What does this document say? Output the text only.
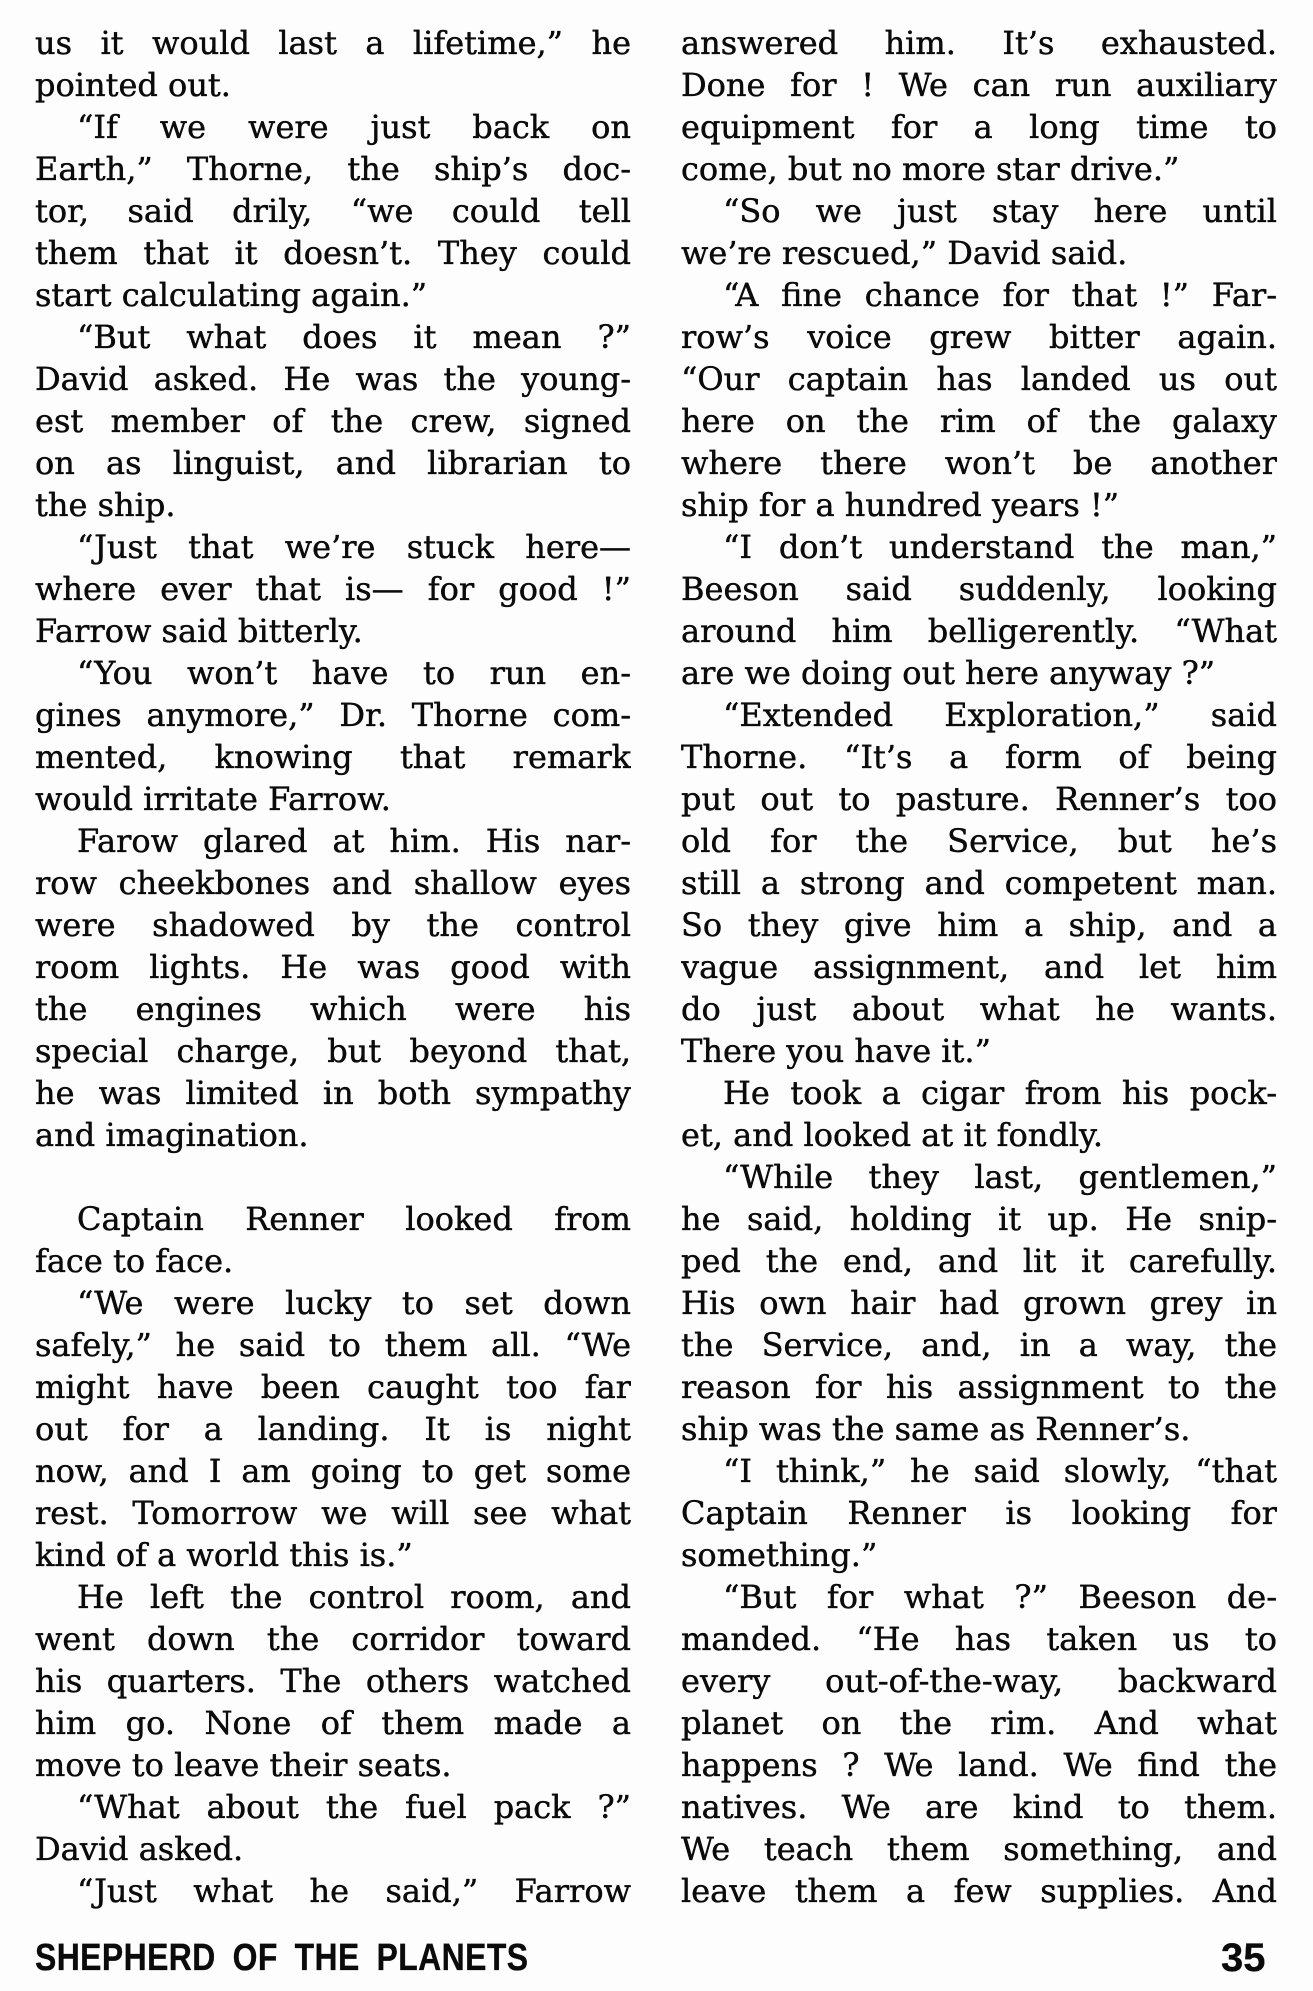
us it would last a lifetime,” he
pointed out.
“If we were just back on
Earth,” Thorne, the ship’s doc-
tor, said drily, “we could tell
them that it doesn’t. They could
start calculating again.”
“But what does it mean ?”
David asked. He was the young-
est member of the crew, signed
on as linguist, and librarian to
the ship.
“Just that we’re stuck here—
where ever that is— for good !”
Farrow said bitterly.
“You won’t have to run en-
gines anymore,” Dr. Thorne com-
mented, knowing that remark
would irritate Farrow.
Farow glared at him. His nar-
row cheekbones and shallow eyes
were shadowed by the control
room lights. He was good with
the engines which were his
special charge, but beyond that,
he was limited in both sympathy
and imagination.
Captain Renner looked from
face to face.
“We were lucky to set down
safely,” he said to them all. “We
might have been caught too far
out for a landing. It is night
now, and I am going to get some
rest. Tomorrow we will see what
kind of a world this is.”
He left the control room, and
went down the corridor toward
his quarters. The others watched
him go. None of them made a
move to leave their seats.
“What about the fuel pack ?”
David asked.
“Just what he said,” Farrow
answered him. It’s exhausted.
Done for ! We can run auxiliary
equipment for a long time to
come, but no more star drive.”
“So we just stay here until
we’re rescued,” David said.
“A fine chance for that !” Far-
row’s voice grew bitter again.
“Our captain has landed us out
here on the rim of the galaxy
where there won’t be another
ship for a hundred years !”
“I don’t understand the man,”
Beeson said suddenly, looking
around him belligerently. “What
are we doing out here anyway ?”
“Extended Exploration,” said
Thorne. “It’s a form of being
put out to pasture. Renner’s too
old for the Service, but he’s
still a strong and competent man.
So they give him a ship, and a
vague assignment, and let him
do just about what he wants.
There you have it.”
He took a cigar from his pock-
et, and looked at it fondly.
“While they last, gentlemen,”
he said, holding it up. He snip-
ped the end, and lit it carefully.
His own hair had grown grey in
the Service, and, in a way, the
reason for his assignment to the
ship was the same as Renner’s.
“I think,” he said slowly, “that
Captain Renner is looking for
something.”
“But for what ?” Beeson de-
manded. “He has taken us to
every out-of-the-way, backward
planet on the rim. And what
happens ? We land. We find the
natives. We are kind to them.
We teach them something, and
leave them a few supplies. And
SHEPHERD OF THE PLANETS	35
